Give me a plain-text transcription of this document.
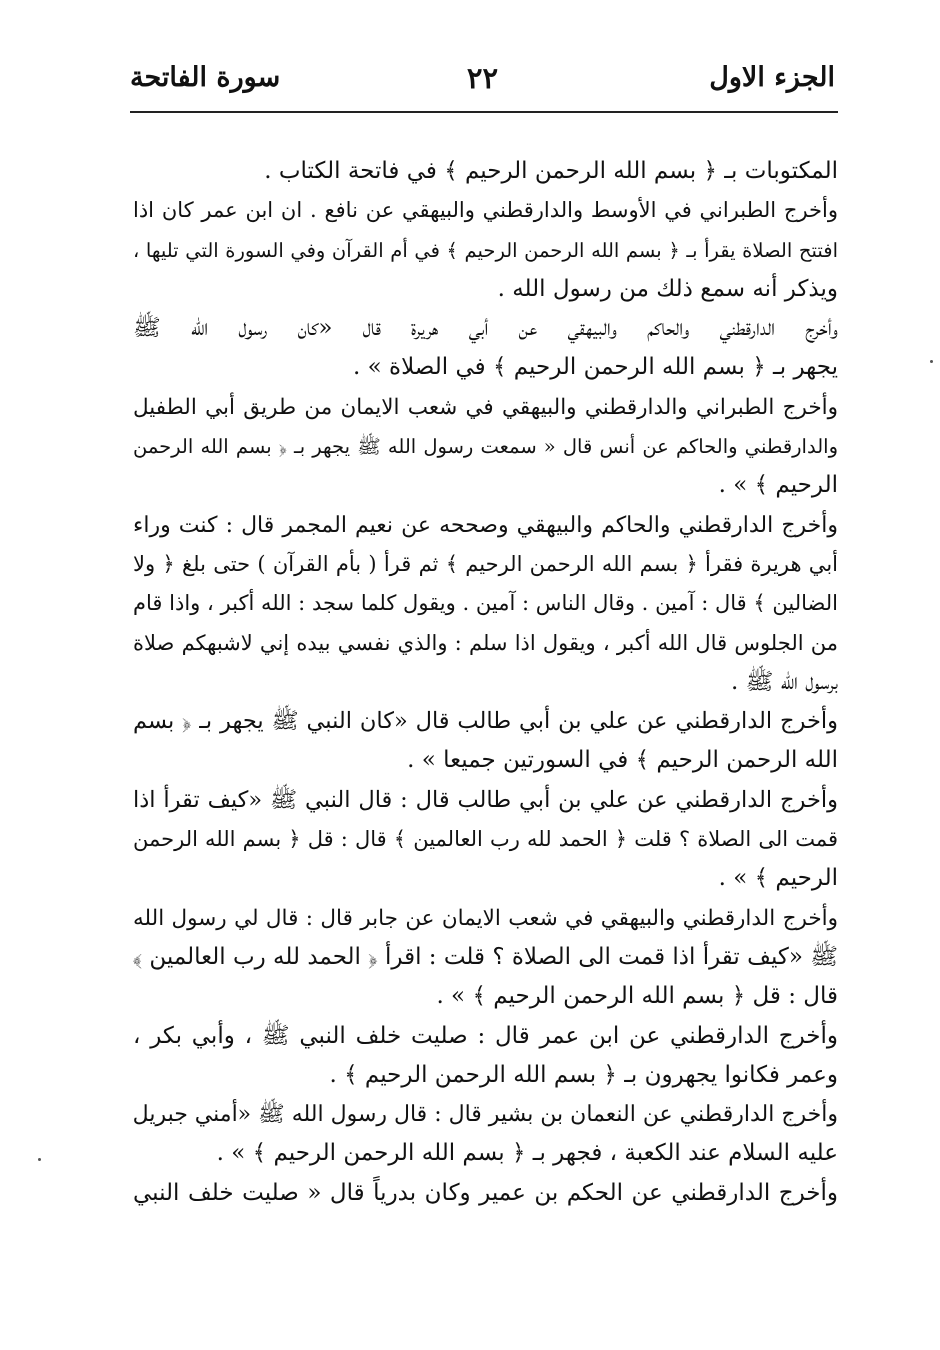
الجزء الاول
٢٢
سورة الفاتحة
المكتوبات بـ ﴿ بسم الله الرحمن الرحيم ﴾ في فاتحة الكتاب .
وأخرج الطبراني في الأوسط والدارقطني والبيهقي عن نافع . ان ابن عمر كان اذا
افتتح الصلاة يقرأ بـ ﴿ بسم الله الرحمن الرحيم ﴾ في أم القرآن وفي السورة التي تليها ،
ويذكر أنه سمع ذلك من رسول الله .
وأخرج الدارقطني والحاكم والبيهقي عن أبي هريرة قال «كان رسول الله ﷺ
يجهر بـ ﴿ بسم الله الرحمن الرحيم ﴾ في الصلاة » .
وأخرج الطبراني والدارقطني والبيهقي في شعب الايمان من طريق أبي الطفيل
والدارقطني والحاكم عن أنس قال « سمعت رسول الله ﷺ يجهر بـ ﴿ بسم الله الرحمن
الرحيم ﴾ » .
وأخرج الدارقطني والحاكم والبيهقي وصححه عن نعيم المجمر قال : كنت وراء
أبي هريرة فقرأ ﴿ بسم الله الرحمن الرحيم ﴾ ثم قرأ ( بأم القرآن ) حتى بلغ ﴿ ولا
الضالين ﴾ قال : آمين . وقال الناس : آمين . ويقول كلما سجد : الله أكبر ، واذا قام
من الجلوس قال الله أكبر ، ويقول اذا سلم : والذي نفسي بيده إني لاشبهكم صلاة
برسول الله ﷺ .
وأخرج الدارقطني عن علي بن أبي طالب قال «كان النبي ﷺ يجهر بـ ﴿ بسم
الله الرحمن الرحيم ﴾ في السورتين جميعا » .
وأخرج الدارقطني عن علي بن أبي طالب قال : قال النبي ﷺ «كيف تقرأ اذا
قمت الى الصلاة ؟ قلت ﴿ الحمد لله رب العالمين ﴾ قال : قل ﴿ بسم الله الرحمن
الرحيم ﴾ » .
وأخرج الدارقطني والبيهقي في شعب الايمان عن جابر قال : قال لي رسول الله
ﷺ «كيف تقرأ اذا قمت الى الصلاة ؟ قلت : اقرأ ﴿ الحمد لله رب العالمين ﴾
قال : قل ﴿ بسم الله الرحمن الرحيم ﴾ » .
وأخرج الدارقطني عن ابن عمر قال : صليت خلف النبي ﷺ ، وأبي بكر ،
وعمر فكانوا يجهرون بـ ﴿ بسم الله الرحمن الرحيم ﴾ .
وأخرج الدارقطني عن النعمان بن بشير قال : قال رسول الله ﷺ «أمني جبريل
عليه السلام عند الكعبة ، فجهر بـ ﴿ بسم الله الرحمن الرحيم ﴾ » .
وأخرج الدارقطني عن الحكم بن عمير وكان بدرياً قال « صليت خلف النبي
